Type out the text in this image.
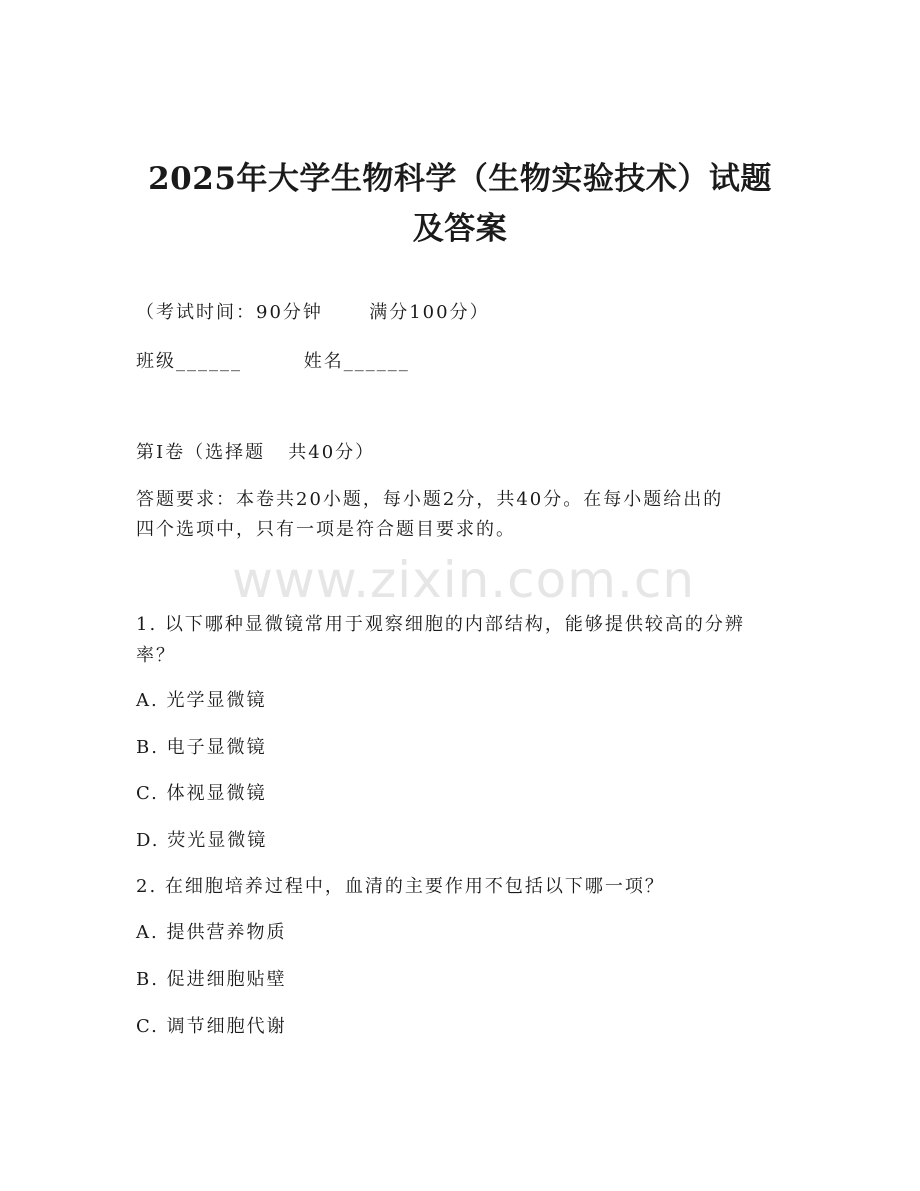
2025年大学生物科学（生物实验技术）试题
及答案
（考试时间：90分钟      满分100分）
班级______        姓名______
第I卷（选择题   共40分）
答题要求：本卷共20小题，每小题2分，共40分。在每小题给出的
四个选项中，只有一项是符合题目要求的。
www.zixin.com.cn
1. 以下哪种显微镜常用于观察细胞的内部结构，能够提供较高的分辨
率？
A. 光学显微镜
B. 电子显微镜
C. 体视显微镜
D. 荧光显微镜
2. 在细胞培养过程中，血清的主要作用不包括以下哪一项？
A. 提供营养物质
B. 促进细胞贴壁
C. 调节细胞代谢
